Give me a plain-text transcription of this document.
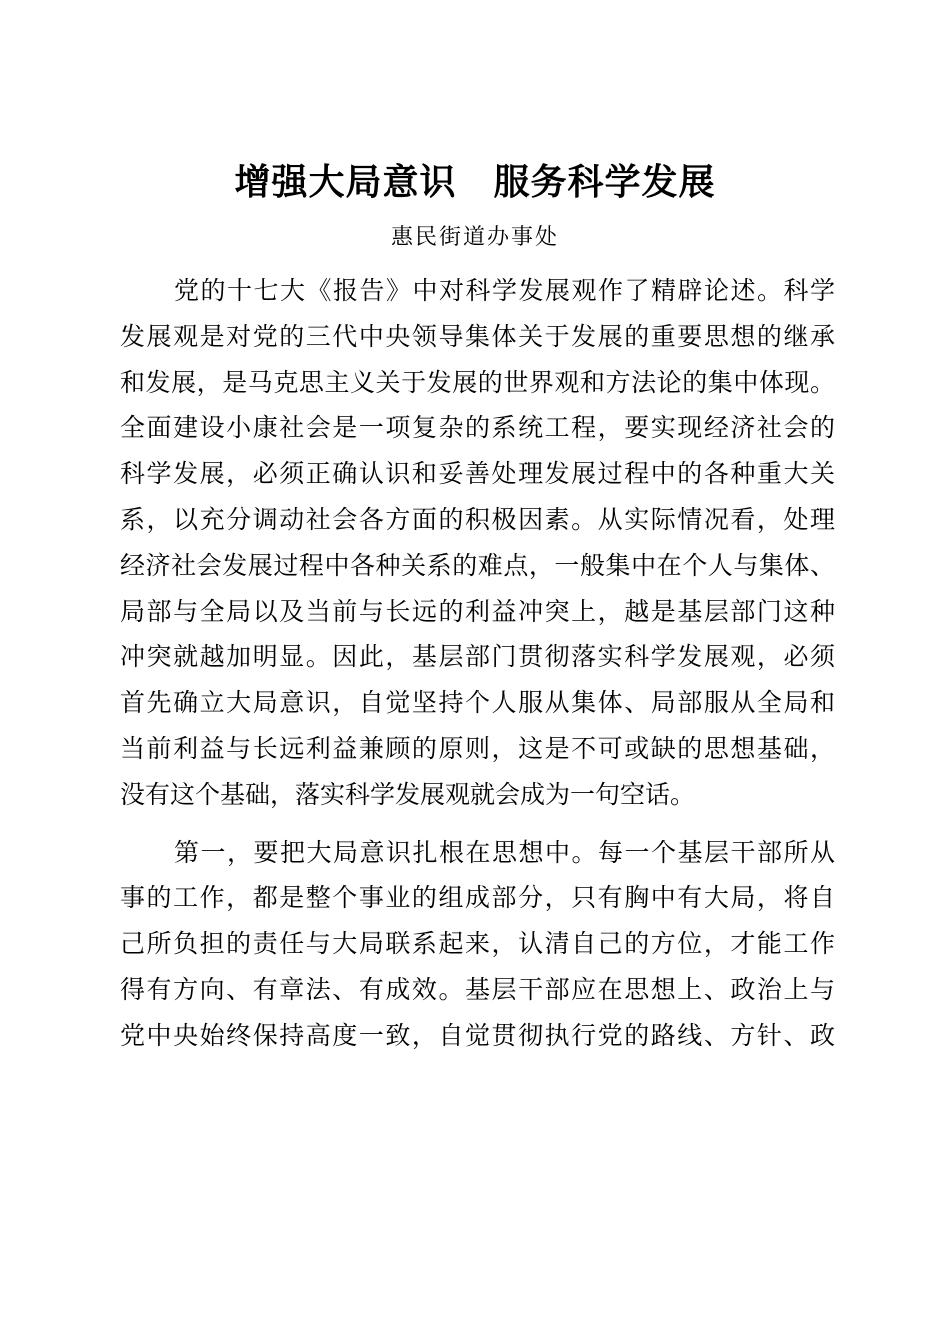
增强大局意识　服务科学发展
惠民街道办事处
党的十七大《报告》中对科学发展观作了精辟论述。科学
发展观是对党的三代中央领导集体关于发展的重要思想的继承
和发展，是马克思主义关于发展的世界观和方法论的集中体现。
全面建设小康社会是一项复杂的系统工程，要实现经济社会的
科学发展，必须正确认识和妥善处理发展过程中的各种重大关
系，以充分调动社会各方面的积极因素。从实际情况看，处理
经济社会发展过程中各种关系的难点，一般集中在个人与集体、
局部与全局以及当前与长远的利益冲突上，越是基层部门这种
冲突就越加明显。因此，基层部门贯彻落实科学发展观，必须
首先确立大局意识，自觉坚持个人服从集体、局部服从全局和
当前利益与长远利益兼顾的原则，这是不可或缺的思想基础，
没有这个基础，落实科学发展观就会成为一句空话。
第一，要把大局意识扎根在思想中。每一个基层干部所从
事的工作，都是整个事业的组成部分，只有胸中有大局，将自
己所负担的责任与大局联系起来，认清自己的方位，才能工作
得有方向、有章法、有成效。基层干部应在思想上、政治上与
党中央始终保持高度一致，自觉贯彻执行党的路线、方针、政
